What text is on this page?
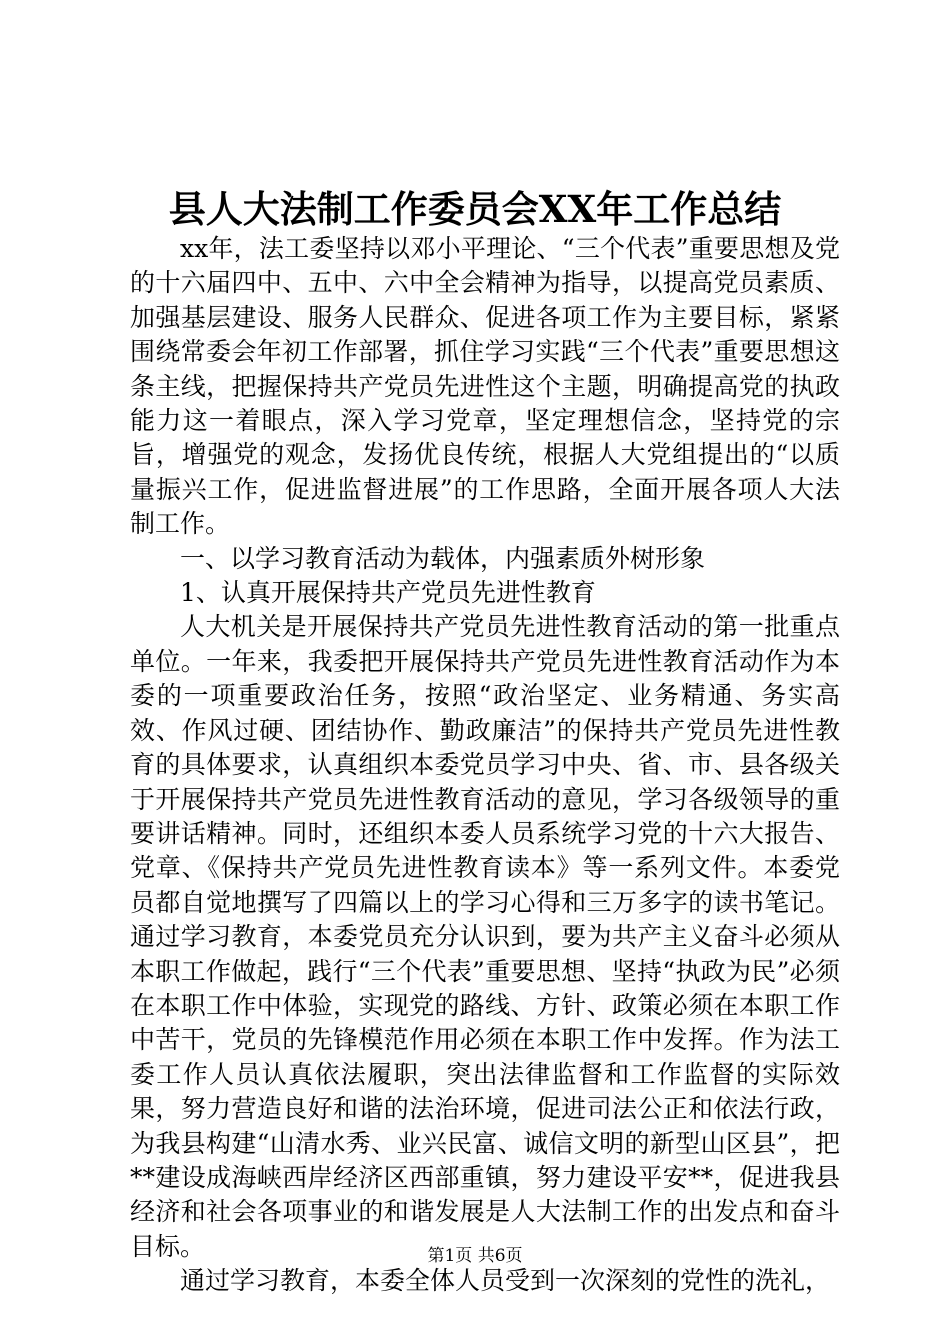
县人大法制工作委员会XX年工作总结

xx年，法工委坚持以邓小平理论、“三个代表”重要思想及党的十六届四中、五中、六中全会精神为指导，以提高党员素质、加强基层建设、服务人民群众、促进各项工作为主要目标，紧紧围绕常委会年初工作部署，抓住学习实践“三个代表”重要思想这条主线，把握保持共产党员先进性这个主题，明确提高党的执政能力这一着眼点，深入学习党章，坚定理想信念，坚持党的宗旨，增强党的观念，发扬优良传统，根据人大党组提出的“以质量振兴工作，促进监督进展”的工作思路，全面开展各项人大法制工作。

一、以学习教育活动为载体，内强素质外树形象

1、认真开展保持共产党员先进性教育

人大机关是开展保持共产党员先进性教育活动的第一批重点单位。一年来，我委把开展保持共产党员先进性教育活动作为本委的一项重要政治任务，按照“政治坚定、业务精通、务实高效、作风过硬、团结协作、勤政廉洁”的保持共产党员先进性教育的具体要求，认真组织本委党员学习中央、省、市、县各级关于开展保持共产党员先进性教育活动的意见，学习各级领导的重要讲话精神。同时，还组织本委人员系统学习党的十六大报告、党章、《保持共产党员先进性教育读本》等一系列文件。本委党员都自觉地撰写了四篇以上的学习心得和三万多字的读书笔记。通过学习教育，本委党员充分认识到，要为共产主义奋斗必须从本职工作做起，践行“三个代表”重要思想、坚持“执政为民”必须在本职工作中体验，实现党的路线、方针、政策必须在本职工作中苦干，党员的先锋模范作用必须在本职工作中发挥。作为法工委工作人员认真依法履职，突出法律监督和工作监督的实际效果，努力营造良好和谐的法治环境，促进司法公正和依法行政，为我县构建“山清水秀、业兴民富、诚信文明的新型山区县”，把**建设成海峡西岸经济区西部重镇，努力建设平安**，促进我县经济和社会各项事业的和谐发展是人大法制工作的出发点和奋斗目标。

通过学习教育，本委全体人员受到一次深刻的党性的洗礼，

第1页 共6页
